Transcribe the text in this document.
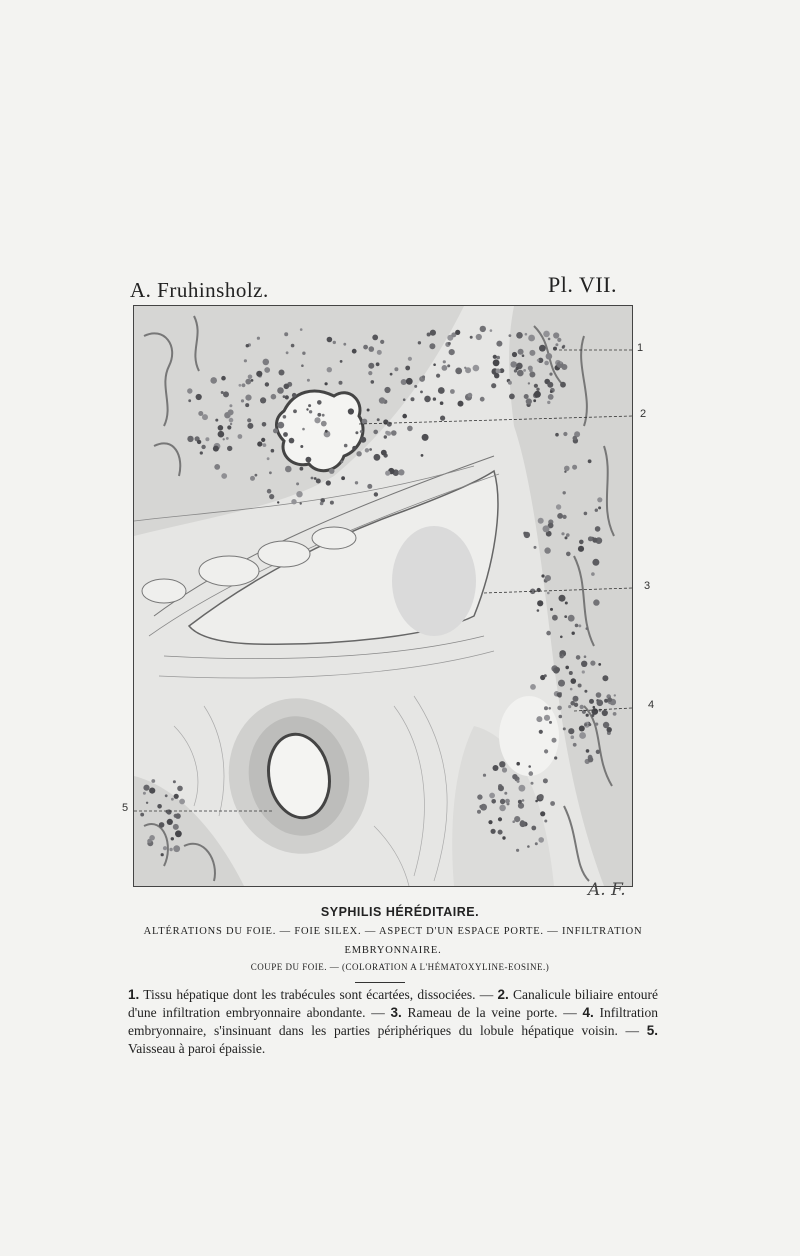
A. Fruhinsholz.	Pl. VII.
1
2
3
4
5
A. F.
SYPHILIS HÉRÉDITAIRE.
ALTÉRATIONS DU FOIE. — FOIE SILEX. — ASPECT D'UN ESPACE PORTE. — INFILTRATION EMBRYONNAIRE.
COUPE DU FOIE. — (COLORATION A L'HÉMATOXYLINE-EOSINE.)
1. Tissu hépatique dont les trabécules sont écartées, dissociées. — 2. Canalicule biliaire entouré d'une infiltration embryonnaire abondante. — 3. Rameau de la veine porte. — 4. Infiltration embryonnaire, s'insinuant dans les parties périphériques du lobule hépatique voisin. — 5. Vaisseau à paroi épaissie.
